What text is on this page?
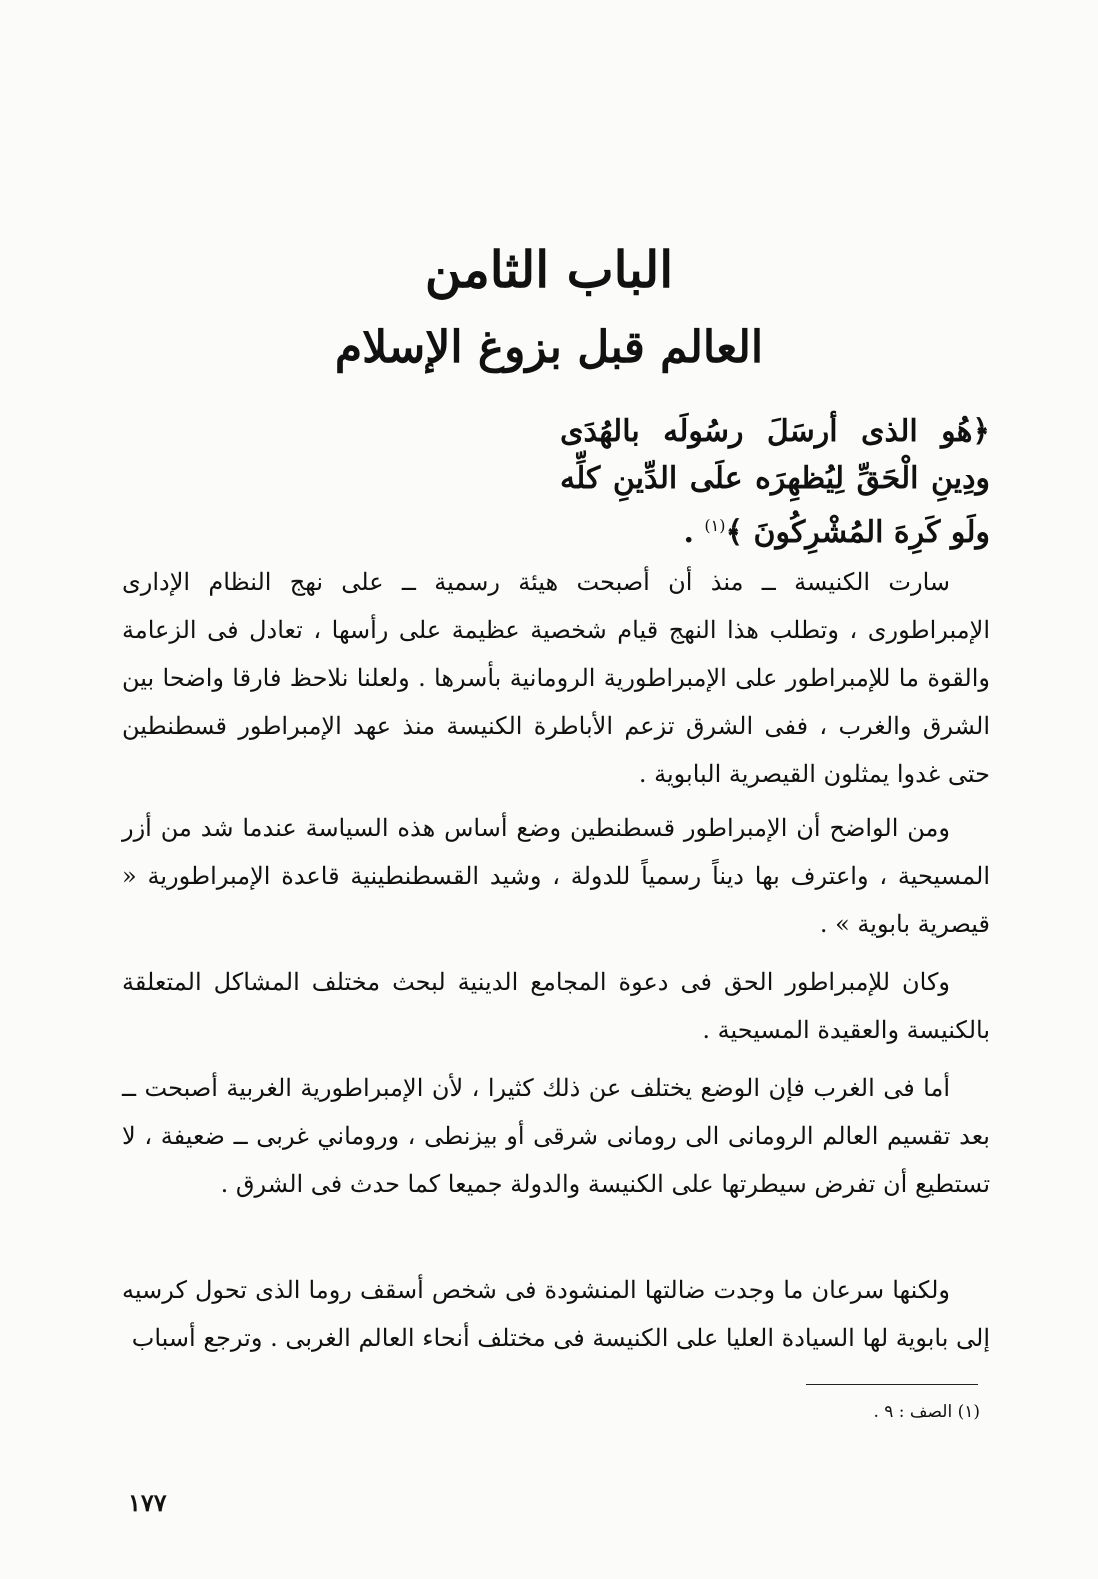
الباب الثامن
العالم قبل بزوغ الإسلام
﴿هُو الذى أرسَلَ رسُولَه بالهُدَى ودِينِ الْحَقِّ لِيُظهِرَه علَى الدِّينِ كلِّه ولَو كَرِهَ المُشْرِكُونَ ﴾$^{(١)}$ .
سارت الكنيسة ــ منذ أن أصبحت هيئة رسمية ــ على نهج النظام الإدارى الإمبراطورى ، وتطلب هذا النهج قيام شخصية عظيمة على رأسها ، تعادل فى الزعامة والقوة ما للإمبراطور على الإمبراطورية الرومانية بأسرها . ولعلنا نلاحظ فارقا واضحا بين الشرق والغرب ، ففى الشرق تزعم الأباطرة الكنيسة منذ عهد الإمبراطور قسطنطين حتى غدوا يمثلون القيصرية البابوية .
ومن الواضح أن الإمبراطور قسطنطين وضع أساس هذه السياسة عندما شد من أزر المسيحية ، واعترف بها ديناً رسمياً للدولة ، وشيد القسطنطينية قاعدة الإمبراطورية « قيصرية بابوية » .
وكان للإمبراطور الحق فى دعوة المجامع الدينية لبحث مختلف المشاكل المتعلقة بالكنيسة والعقيدة المسيحية .
أما فى الغرب فإن الوضع يختلف عن ذلك كثيرا ، لأن الإمبراطورية الغربية أصبحت ــ بعد تقسيم العالم الرومانى الى رومانى شرقى أو بيزنطى ، وروماني غربى ــ ضعيفة ، لا تستطيع أن تفرض سيطرتها على الكنيسة والدولة جميعا كما حدث فى الشرق .
ولكنها سرعان ما وجدت ضالتها المنشودة فى شخص أسقف روما الذى تحول كرسيه إلى بابوية لها السيادة العليا على الكنيسة فى مختلف أنحاء العالم الغربى . وترجع أسباب
(١) الصف : ٩ .
١٧٧
